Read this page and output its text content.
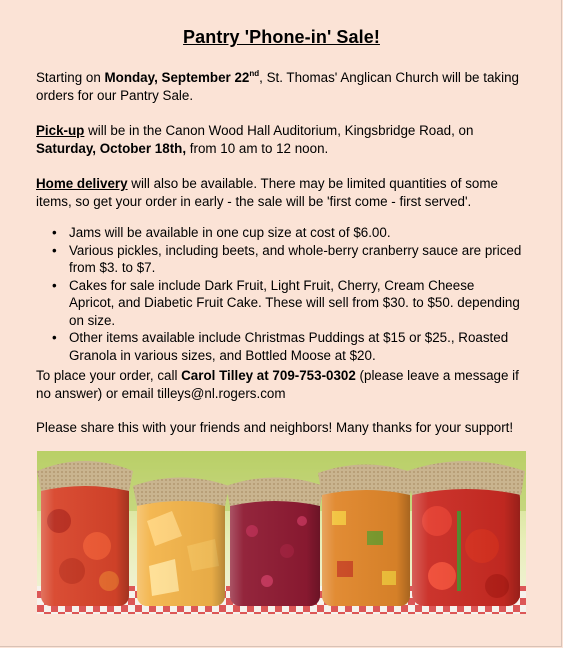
Pantry 'Phone-in' Sale!
Starting on Monday, September 22nd, St. Thomas' Anglican Church will be taking orders for our Pantry Sale.
Pick-up will be in the Canon Wood Hall Auditorium, Kingsbridge Road, on Saturday, October 18th, from 10 am to 12 noon.
Home delivery will also be available. There may be limited quantities of some items, so get your order in early - the sale will be 'first come - first served'.
• Jams will be available in one cup size at cost of $6.00.
• Various pickles, including beets, and whole-berry cranberry sauce are priced from $3. to $7.
• Cakes for sale include Dark Fruit, Light Fruit, Cherry, Cream Cheese Apricot, and Diabetic Fruit Cake. These will sell from $30. to $50. depending on size.
• Other items available include Christmas Puddings at $15 or $25., Roasted Granola in various sizes, and Bottled Moose at $20.
To place your order, call Carol Tilley at 709-753-0302 (please leave a message if no answer) or email tilleys@nl.rogers.com
Please share this with your friends and neighbors! Many thanks for your support!
